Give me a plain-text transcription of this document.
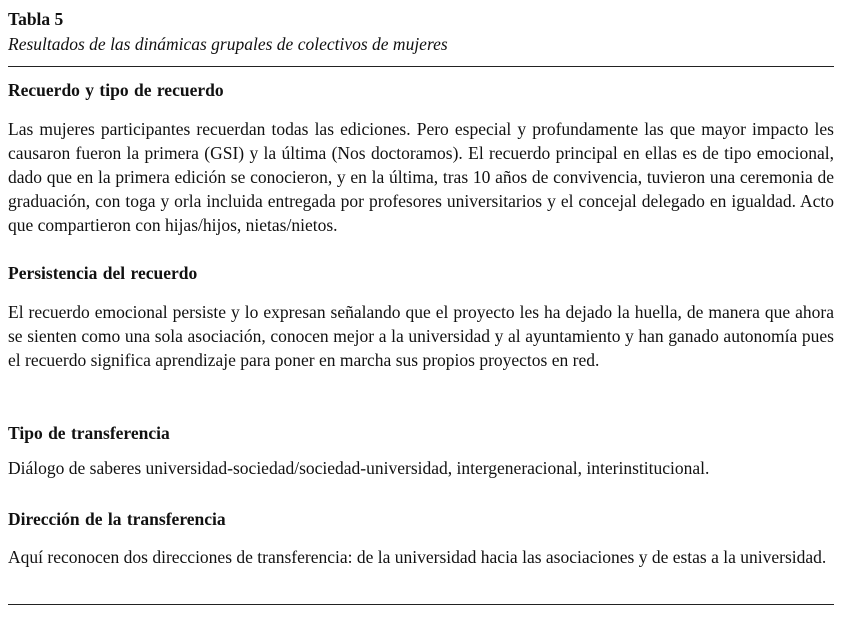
Tabla 5
Resultados de las dinámicas grupales de colectivos de mujeres
Recuerdo y tipo de recuerdo

Las mujeres participantes recuerdan todas las ediciones. Pero especial y profundamente las que mayor impacto les causaron fueron la primera (GSI) y la última (Nos doctoramos). El recuerdo principal en ellas es de tipo emocional, dado que en la primera edición se conocieron, y en la última, tras 10 años de convivencia, tuvieron una ceremonia de graduación, con toga y orla incluida entregada por profesores universitarios y el concejal delegado en igualdad. Acto que compartieron con hijas/hijos, nietas/nietos.

Persistencia del recuerdo

El recuerdo emocional persiste y lo expresan señalando que el proyecto les ha dejado la huella, de manera que ahora se sienten como una sola asociación, conocen mejor a la universidad y al ayuntamiento y han ganado autonomía pues el recuerdo significa aprendizaje para poner en marcha sus propios proyectos en red.

Tipo de transferencia

Diálogo de saberes universidad-sociedad/sociedad-universidad, intergeneracional, interinstitucional.

Dirección de la transferencia

Aquí reconocen dos direcciones de transferencia: de la universidad hacia las asociaciones y de estas a la universidad.
